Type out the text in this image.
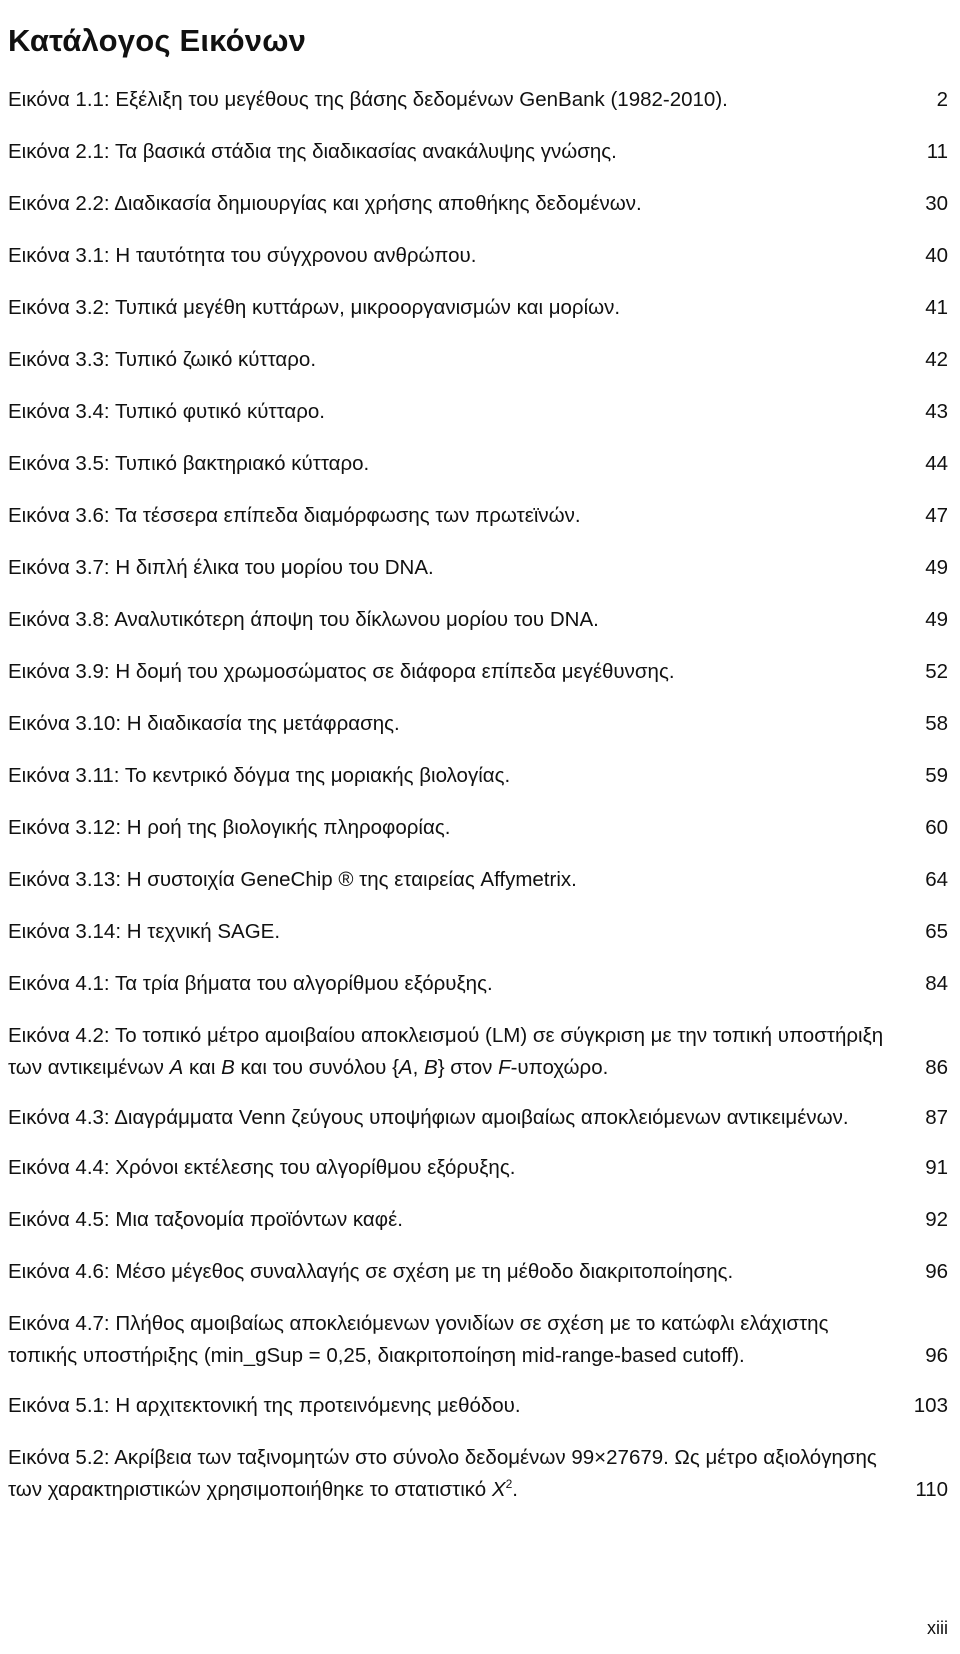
Κατάλογος Εικόνων
Εικόνα 1.1: Εξέλιξη του μεγέθους της βάσης δεδομένων GenBank (1982-2010).	2
Εικόνα 2.1: Τα βασικά στάδια της διαδικασίας ανακάλυψης γνώσης.	11
Εικόνα 2.2: Διαδικασία δημιουργίας και χρήσης αποθήκης δεδομένων.	30
Εικόνα 3.1: Η ταυτότητα του σύγχρονου ανθρώπου.	40
Εικόνα 3.2: Τυπικά μεγέθη κυττάρων, μικροοργανισμών και μορίων.	41
Εικόνα 3.3: Τυπικό ζωικό κύτταρο.	42
Εικόνα 3.4: Τυπικό φυτικό κύτταρο.	43
Εικόνα 3.5: Τυπικό βακτηριακό κύτταρο.	44
Εικόνα 3.6: Τα τέσσερα επίπεδα διαμόρφωσης των πρωτεϊνών.	47
Εικόνα 3.7: Η διπλή έλικα του μορίου του DNA.	49
Εικόνα 3.8: Αναλυτικότερη άποψη του δίκλωνου μορίου του DNA.	49
Εικόνα 3.9: Η δομή του χρωμοσώματος σε διάφορα επίπεδα μεγέθυνσης.	52
Εικόνα 3.10: Η διαδικασία της μετάφρασης.	58
Εικόνα 3.11: Το κεντρικό δόγμα της μοριακής βιολογίας.	59
Εικόνα 3.12: Η ροή της βιολογικής πληροφορίας.	60
Εικόνα 3.13: Η συστοιχία GeneChip ® της εταιρείας Affymetrix.	64
Εικόνα 3.14: Η τεχνική SAGE.	65
Εικόνα 4.1: Τα τρία βήματα του αλγορίθμου εξόρυξης.	84
Εικόνα 4.2: Το τοπικό μέτρο αμοιβαίου αποκλεισμού (LM) σε σύγκριση με την τοπική υποστήριξη των αντικειμένων A και B και του συνόλου {A, B} στον F-υποχώρο.	86
Εικόνα 4.3: Διαγράμματα Venn ζεύγους υποψήφιων αμοιβαίως αποκλειόμενων αντικειμένων.	87
Εικόνα 4.4: Χρόνοι εκτέλεσης του αλγορίθμου εξόρυξης.	91
Εικόνα 4.5: Μια ταξονομία προϊόντων καφέ.	92
Εικόνα 4.6: Μέσο μέγεθος συναλλαγής σε σχέση με τη μέθοδο διακριτοποίησης.	96
Εικόνα 4.7: Πλήθος αμοιβαίως αποκλειόμενων γονιδίων σε σχέση με το κατώφλι ελάχιστης τοπικής υποστήριξης (min_gSup = 0,25, διακριτοποίηση mid-range-based cutoff).	96
Εικόνα 5.1: Η αρχιτεκτονική της προτεινόμενης μεθόδου.	103
Εικόνα 5.2: Ακρίβεια των ταξινομητών στο σύνολο δεδομένων 99×27679. Ως μέτρο αξιολόγησης των χαρακτηριστικών χρησιμοποιήθηκε το στατιστικό $X^2$.	110
xiii
